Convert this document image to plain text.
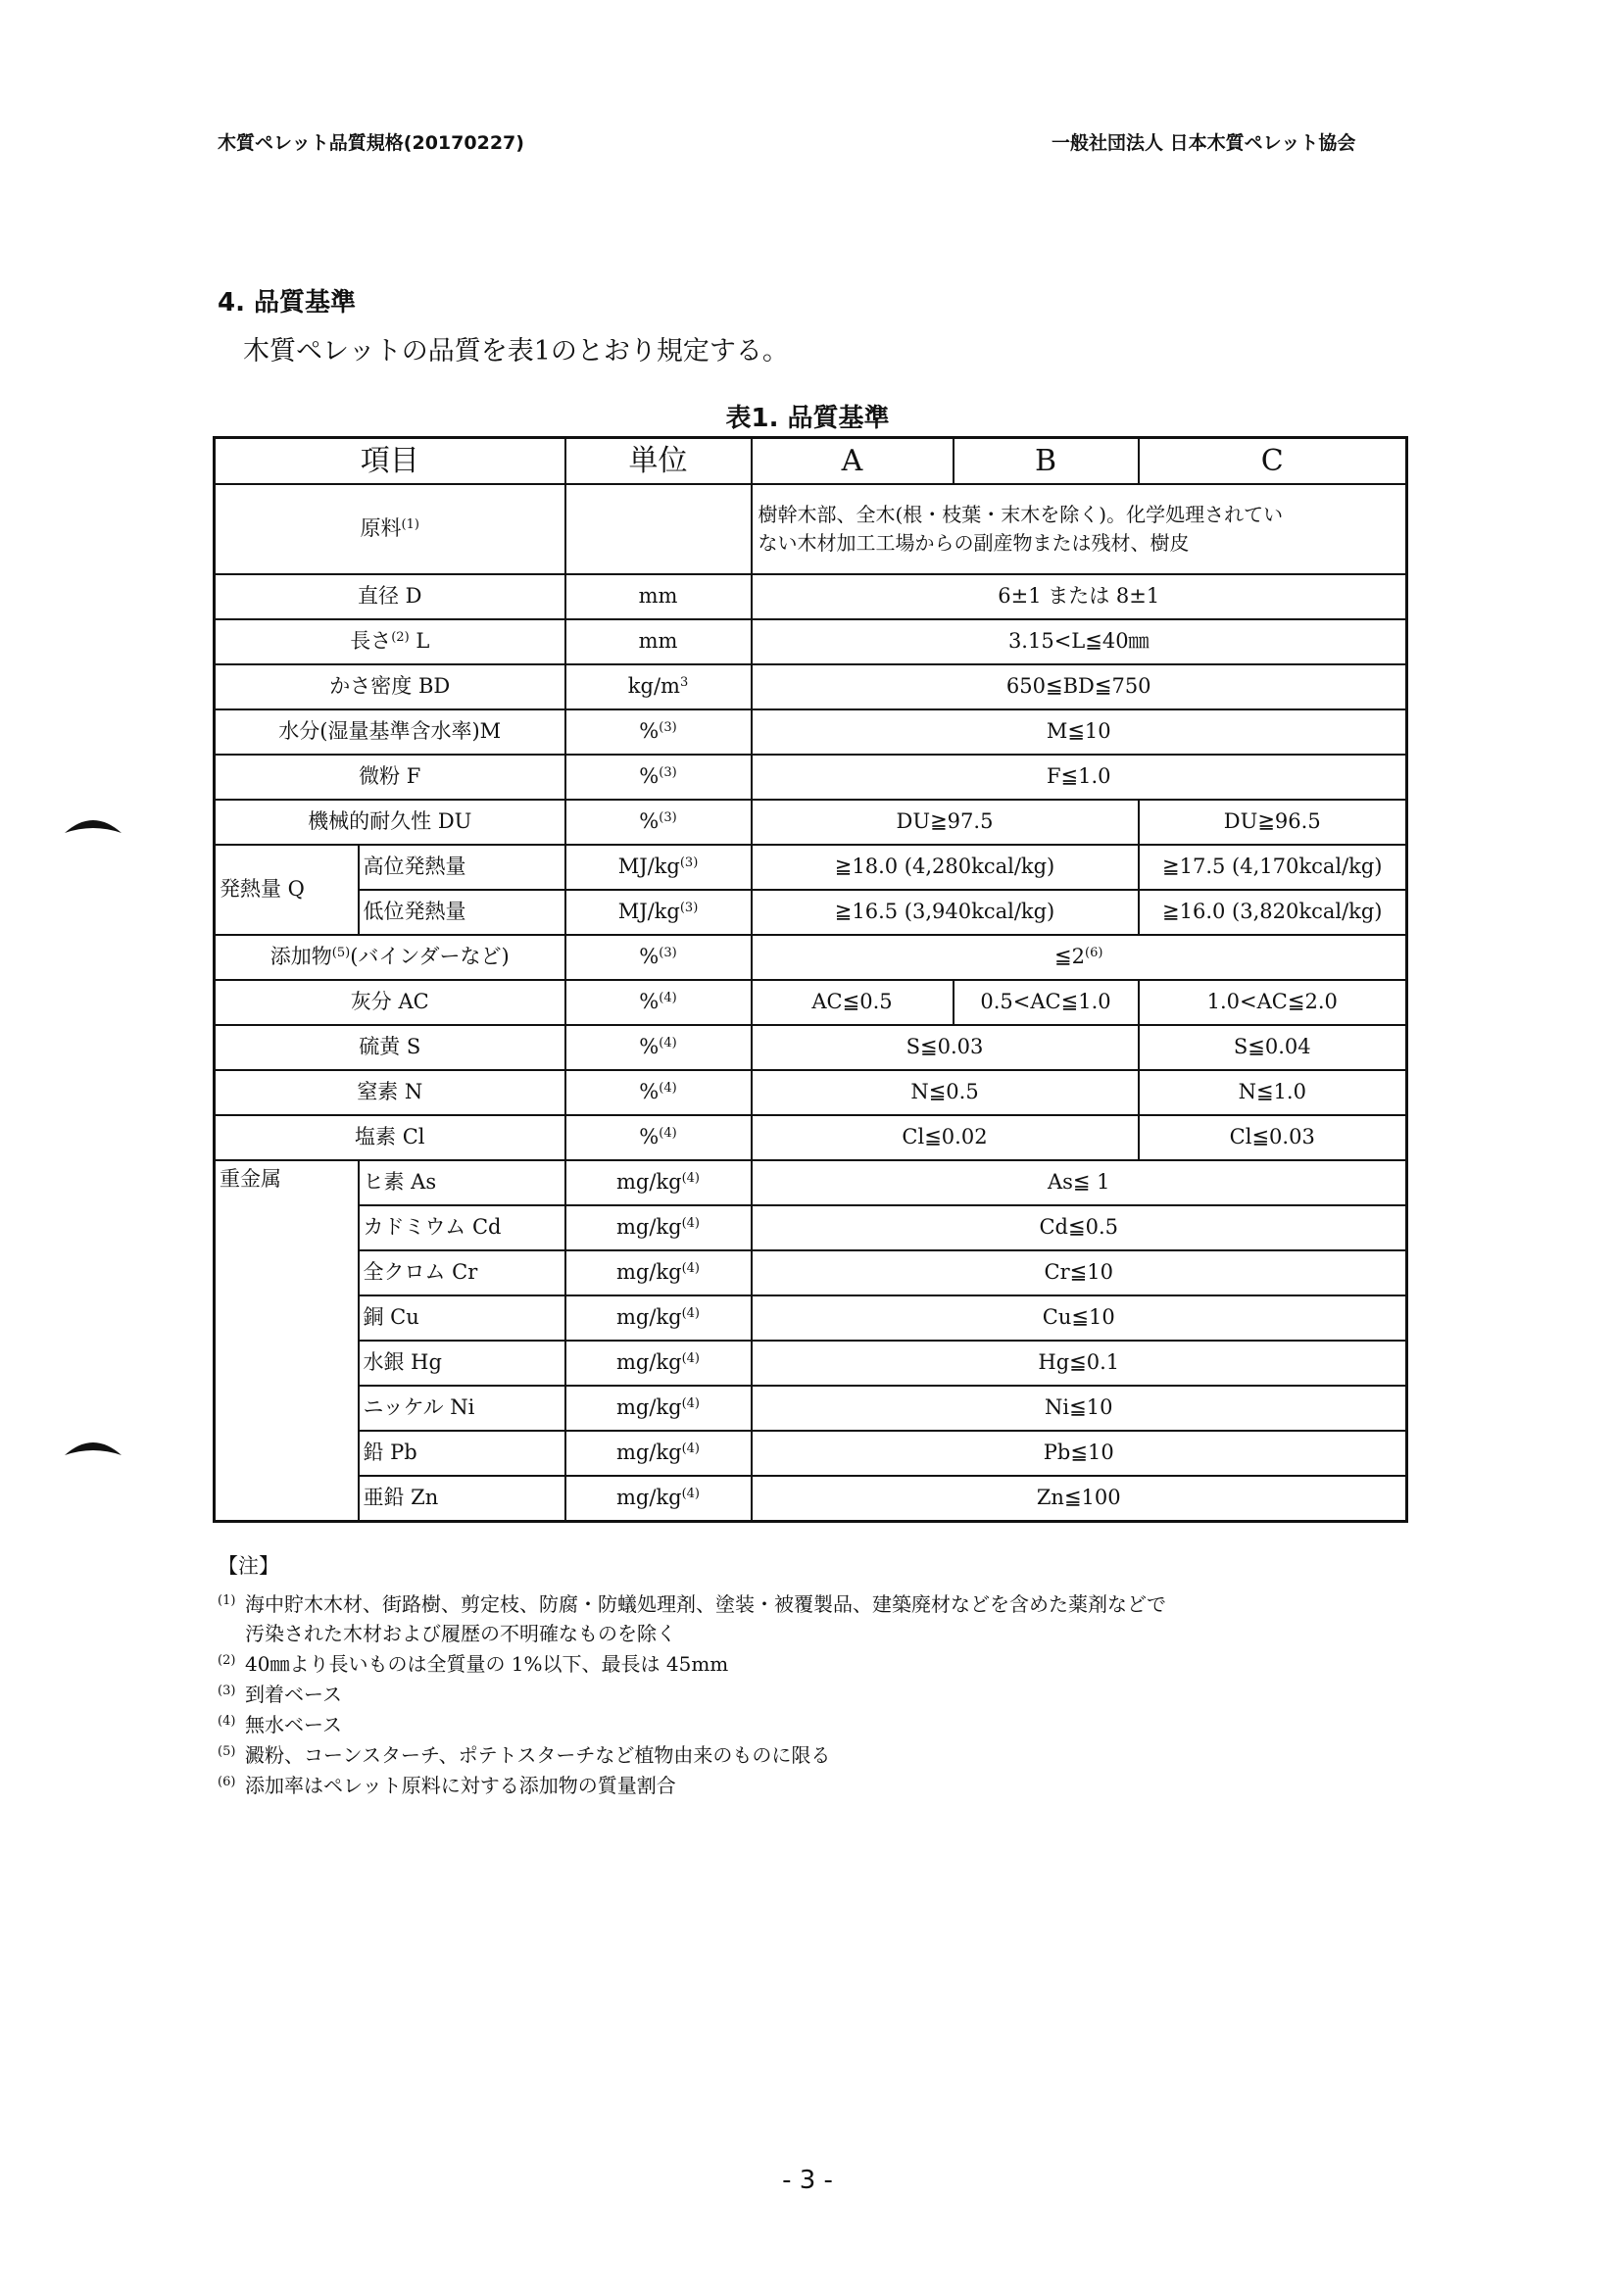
木質ペレット品質規格(20170227)	一般社団法人 日本木質ペレット協会
4. 品質基準
木質ペレットの品質を表1のとおり規定する。
表1. 品質基準
項目		単位	A	B	C
原料$^{(1)}$			樹幹木部、全木(根・枝葉・末木を除く)。化学処理されてい
ない木材加工工場からの副産物または残材、樹皮		
直径 D		mm	6±1 または 8±1		
長さ$^{(2)}$ L		mm	3.15<L≦40㎜		
かさ密度 BD		$kg/m^3$	650≦BD≦750		
水分(湿量基準含水率)M		%$^{(3)}$	M≦10		
微粉 F		%$^{(3)}$	F≦1.0		
機械的耐久性 DU		%$^{(3)}$	DU≧97.5		DU≧96.5
発熱量 Q	高位発熱量	$MJ/kg^{(3)}$	≧18.0 (4,280kcal/kg)		≧17.5 (4,170kcal/kg)
	低位発熱量	$MJ/kg^{(3)}$	≧16.5 (3,940kcal/kg)		≧16.0 (3,820kcal/kg)
添加物$^{(5)}$(バインダーなど)		%$^{(3)}$	≦2$^{(6)}$
灰分 AC		%$^{(4)}$	AC≦0.5	0.5<AC≦1.0	1.0<AC≦2.0
硫黄 S		%$^{(4)}$	S≦0.03		S≦0.04
窒素 N		%$^{(4)}$	N≦0.5		N≦1.0
塩素 Cl		%$^{(4)}$	Cl≦0.02		Cl≦0.03
重金属	ヒ素 As	$mg/kg^{(4)}$	As≦ 1		
	カドミウム Cd	$mg/kg^{(4)}$	Cd≦0.5		
	全クロム Cr	$mg/kg^{(4)}$	Cr≦10		
	銅 Cu	$mg/kg^{(4)}$	Cu≦10		
	水銀 Hg	$mg/kg^{(4)}$	Hg≦0.1		
	ニッケル Ni	$mg/kg^{(4)}$	Ni≦10		
	鉛 Pb	$mg/kg^{(4)}$	Pb≦10		
	亜鉛 Zn	$mg/kg^{(4)}$	Zn≦100		
【注】
(1) 海中貯木木材、街路樹、剪定枝、防腐・防蟻処理剤、塗装・被覆製品、建築廃材などを含めた薬剤などで
汚染された木材および履歴の不明確なものを除く
(2) 40㎜より長いものは全質量の 1%以下、最長は 45mm
(3) 到着ベース
(4) 無水ベース
(5) 澱粉、コーンスターチ、ポテトスターチなど植物由来のものに限る
(6) 添加率はペレット原料に対する添加物の質量割合
- 3 -
